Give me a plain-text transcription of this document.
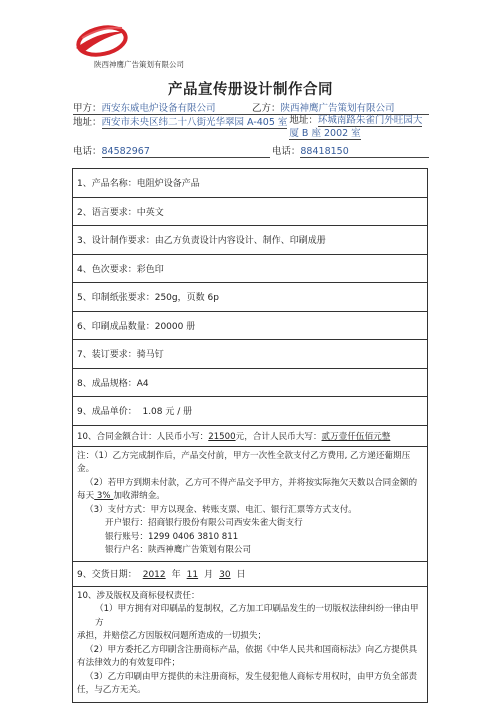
陕西神鹰广告策划有限公司
产品宣传册设计制作合同
甲方：西安东威电炉设备有限公司	乙方：陕西神鹰广告策划有限公司
地址：西安市未央区纬二十八街光华翠园 A-405 室 地址：环城南路朱雀门外旺园大厦 B 座 2002 室
电话：84582967	电话：88418150
1、产品名称：电阻炉设备产品
2、语言要求：中英文
3、设计制作要求：由乙方负责设计内容设计、制作、印刷成册
4、色次要求：彩色印
5、印制纸张要求：250g，页数 6p
6、印刷成品数量：20000 册
7、装订要求：骑马钉
8、成品规格：A4
9、成品单价： 1.08 元 / 册
10、合同金额合计：人民币小写：21500元，合计人民币大写：贰万壹仟伍佰元整

注：（1）乙方完成制作后，产品交付前，甲方一次性全款支付乙方费用, 乙方递还葡期压金。

（2）若甲方到期未付款，乙方可不得产品交予甲方，并将按实际拖欠天数以合同金额的

每天 3% 加收滞纳金。

（3）支付方式：甲方以现金、转账支票、电汇、银行汇票等方式支付。

开户银行：招商银行股份有限公司西安朱雀大街支行

银行账号：1299 0406 3810 811

银行户名：陕西神鹰广告策划有限公司

9、交货日期： 2012 年 11 月 30 日

10、涉及版权及商标侵权责任：

（1）甲方拥有对印刷品的复制权，乙方加工印刷品发生的一切版权法律纠纷一律由甲方

承担，并赔偿乙方因版权问题所造成的一切损失；

（2）甲方委托乙方印刷含注册商标产品，依据《中华人民共和国商标法》向乙方提供具

有法律效力的有效复印件；

（3）乙方印刷由甲方提供的未注册商标，发生侵犯他人商标专用权时，由甲方负全部责

任，与乙方无关。
